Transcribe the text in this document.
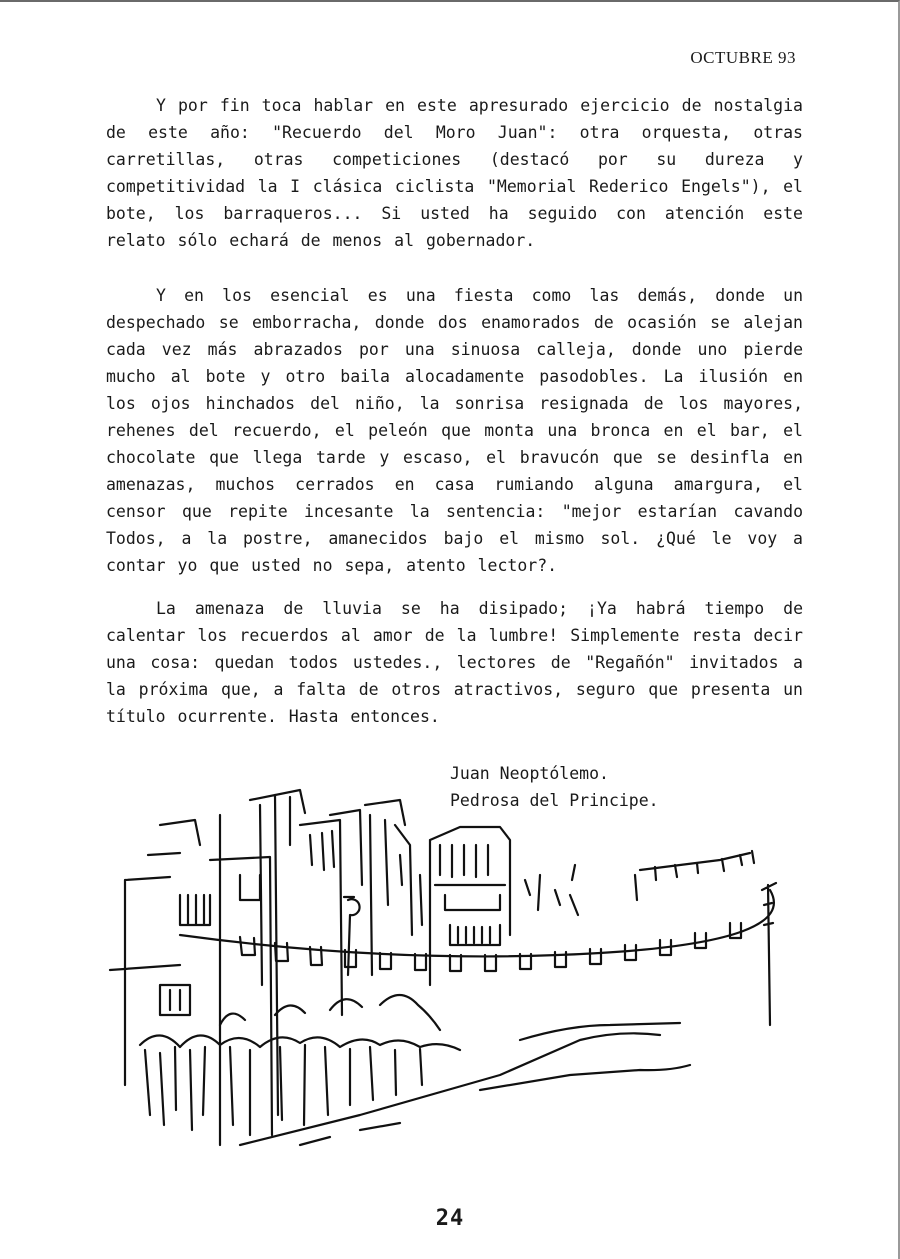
OCTUBRE 93

Y por fin toca hablar en este apresurado ejercicio de nostalgia de este año: "Recuerdo del Moro Juan": otra orquesta, otras carretillas, otras competiciones (destacó por su dureza y competitividad la I clásica ciclista "Memorial Rederico Engels"), el bote, los barraqueros... Si usted ha seguido con atención este relato sólo echará de menos al gobernador.

Y en los esencial es una fiesta como las demás, donde un despechado se emborracha, donde dos enamorados de ocasión se alejan cada vez más abrazados por una sinuosa calleja, donde uno pierde mucho al bote y otro baila alocadamente pasodobles. La ilusión en los ojos hinchados del niño, la sonrisa resignada de los mayores, rehenes del recuerdo, el peleón que monta una bronca en el bar, el chocolate que llega tarde y escaso, el bravucón que se desinfla en amenazas, muchos cerrados en casa rumiando alguna amargura, el censor que repite incesante la sentencia: "mejor estarían cavando Todos, a la postre, amanecidos bajo el mismo sol. ¿Qué le voy a contar yo que usted no sepa, atento lector?.

La amenaza de lluvia se ha disipado; ¡Ya habrá tiempo de calentar los recuerdos al amor de la lumbre! Simplemente resta decir una cosa: quedan todos ustedes., lectores de "Regañón" invitados a la próxima que, a falta de otros atractivos, seguro que presenta un título ocurrente. Hasta entonces.

Juan Neoptólemo.
Pedrosa del Principe.
24
